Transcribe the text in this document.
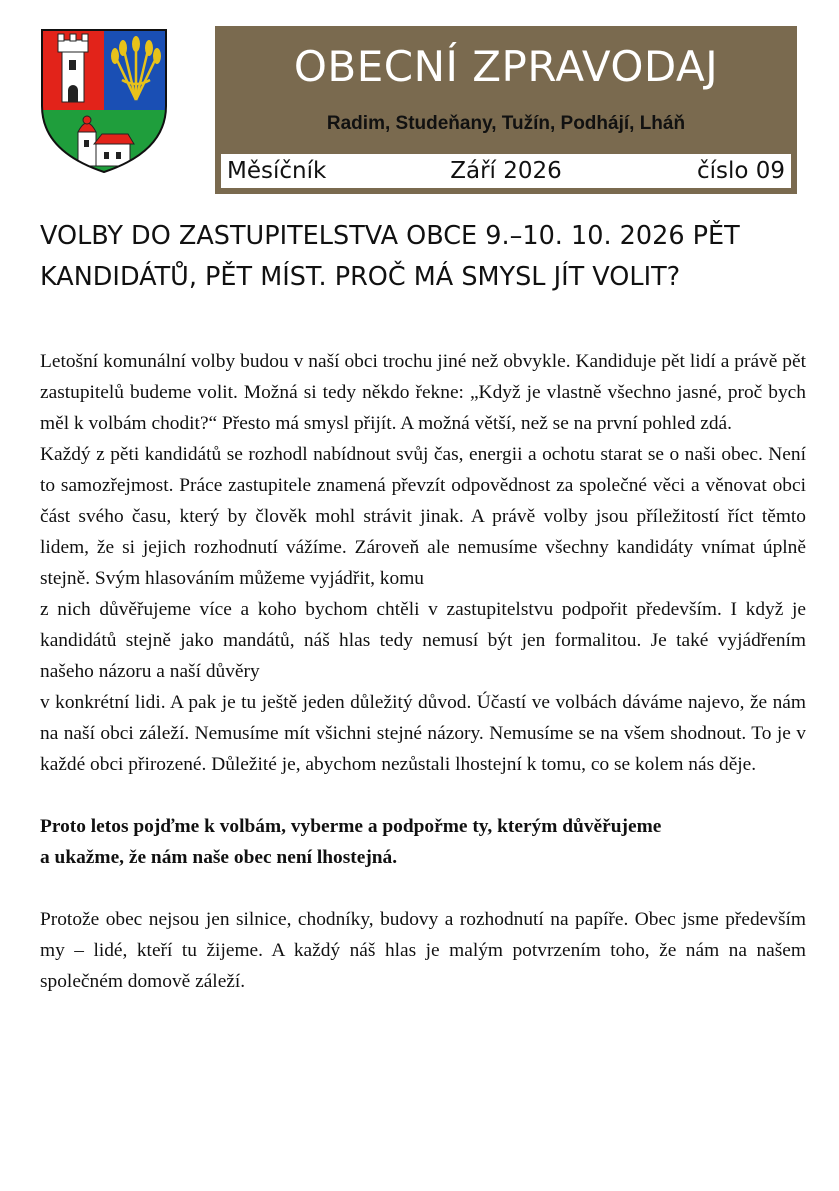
OBECNÍ ZPRAVODAJ
Radim, Studeňany, Tužín, Podhájí, Lháň
Měsíčník	Září 2026	číslo 09
VOLBY DO ZASTUPITELSTVA OBCE 9.–10. 10. 2026 PĚT KANDIDÁTŮ, PĚT MÍST. PROČ MÁ SMYSL JÍT VOLIT?

Letošní komunální volby budou v naší obci trochu jiné než obvykle. Kandiduje pět lidí a právě pět zastupitelů budeme volit. Možná si tedy někdo řekne: „Když je vlastně všechno jasné, proč bych měl k volbám chodit?“ Přesto má smysl přijít. A možná větší, než se na první pohled zdá.

Každý z pěti kandidátů se rozhodl nabídnout svůj čas, energii a ochotu starat se o naši obec. Není to samozřejmost. Práce zastupitele znamená převzít odpovědnost za společné věci a věnovat obci část svého času, který by člověk mohl strávit jinak. A právě volby jsou příležitostí říct těmto lidem, že si jejich rozhodnutí vážíme. Zároveň ale nemusíme všechny kandidáty vnímat úplně stejně. Svým hlasováním můžeme vyjádřit, komu

z nich důvěřujeme více a koho bychom chtěli v zastupitelstvu podpořit především. I když je kandidátů stejně jako mandátů, náš hlas tedy nemusí být jen formalitou. Je také vyjádřením našeho názoru a naší důvěry

v konkrétní lidi. A pak je tu ještě jeden důležitý důvod. Účastí ve volbách dáváme najevo, že nám na naší obci záleží. Nemusíme mít všichni stejné názory. Nemusíme se na všem shodnout. To je v každé obci přirozené. Důležité je, abychom nezůstali lhostejní k tomu, co se kolem nás děje.

Proto letos pojďme k volbám, vyberme a podpořme ty, kterým důvěřujeme

a ukažme, že nám naše obec není lhostejná.

Protože obec nejsou jen silnice, chodníky, budovy a rozhodnutí na papíře. Obec jsme především my – lidé, kteří tu žijeme. A každý náš hlas je malým potvrzením toho, že nám na našem společném domově záleží.
